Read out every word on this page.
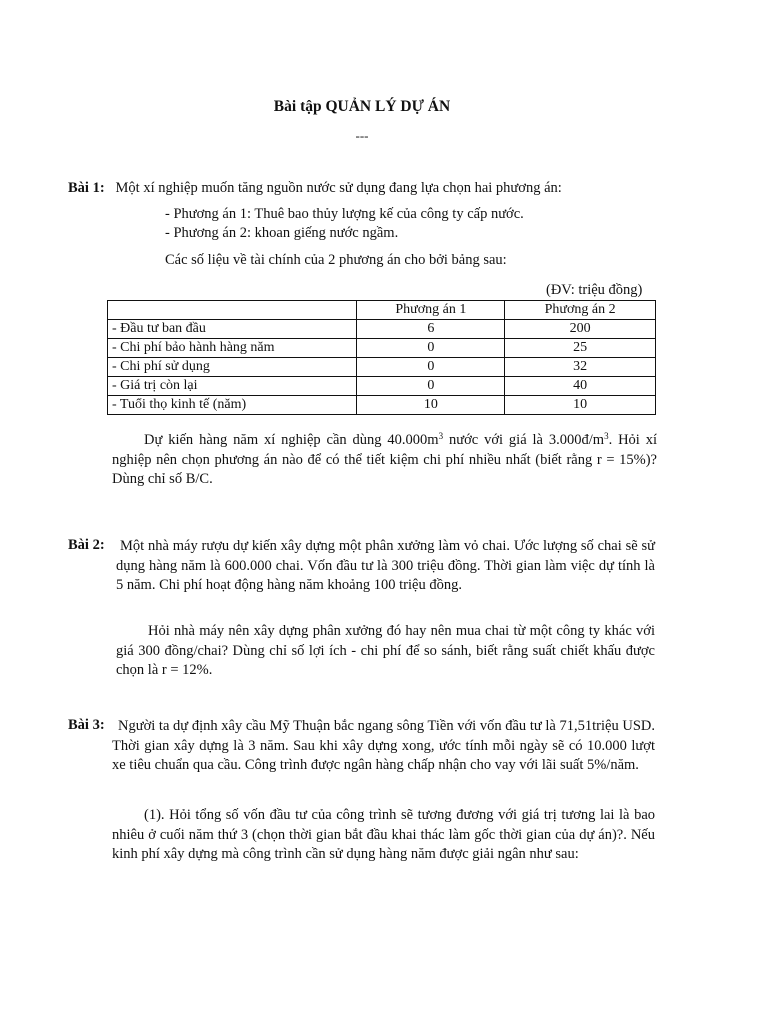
Bài tập QUẢN LÝ DỰ ÁN
---
Bài 1: Một xí nghiệp muốn tăng nguồn nước sử dụng đang lựa chọn hai phương án:
- Phương án 1: Thuê bao thủy lượng kế của công ty cấp nước.
- Phương án 2: khoan giếng nước ngầm.
Các số liệu về tài chính của 2 phương án cho bởi bảng sau:
(ĐV: triệu đồng)
	Phương án 1	Phương án 2
- Đầu tư ban đầu	6	200
- Chi phí bảo hành hàng năm	0	25
- Chi phí sử dụng	0	32
- Giá trị còn lại	0	40
- Tuổi thọ kinh tế (năm)	10	10
Dự kiến hàng năm xí nghiệp cần dùng $40.000m^3$ nước với giá là $3.000đ/m^3$. Hỏi xí nghiệp nên chọn phương án nào để có thể tiết kiệm chi phí nhiều nhất (biết rằng r = 15%)? Dùng chỉ số B/C.
Bài 2: Một nhà máy rượu dự kiến xây dựng một phân xưởng làm vỏ chai. Ước lượng số chai sẽ sử dụng hàng năm là 600.000 chai. Vốn đầu tư là 300 triệu đồng. Thời gian làm việc dự tính là 5 năm. Chi phí hoạt động hàng năm khoảng 100 triệu đồng.
Hỏi nhà máy nên xây dựng phân xưởng đó hay nên mua chai từ một công ty khác với giá 300 đồng/chai? Dùng chỉ số lợi ích - chi phí để so sánh, biết rằng suất chiết khấu được chọn là r = 12%.
Bài 3: Người ta dự định xây cầu Mỹ Thuận bắc ngang sông Tiền với vốn đầu tư là 71,51triệu USD. Thời gian xây dựng là 3 năm. Sau khi xây dựng xong, ước tính mỗi ngày sẽ có 10.000 lượt xe tiêu chuẩn qua cầu. Công trình được ngân hàng chấp nhận cho vay với lãi suất 5%/năm.
(1). Hỏi tổng số vốn đầu tư của công trình sẽ tương đương với giá trị tương lai là bao nhiêu ở cuối năm thứ 3 (chọn thời gian bắt đầu khai thác làm gốc thời gian của dự án)?. Nếu kinh phí xây dựng mà công trình cần sử dụng hàng năm được giải ngân như sau:
